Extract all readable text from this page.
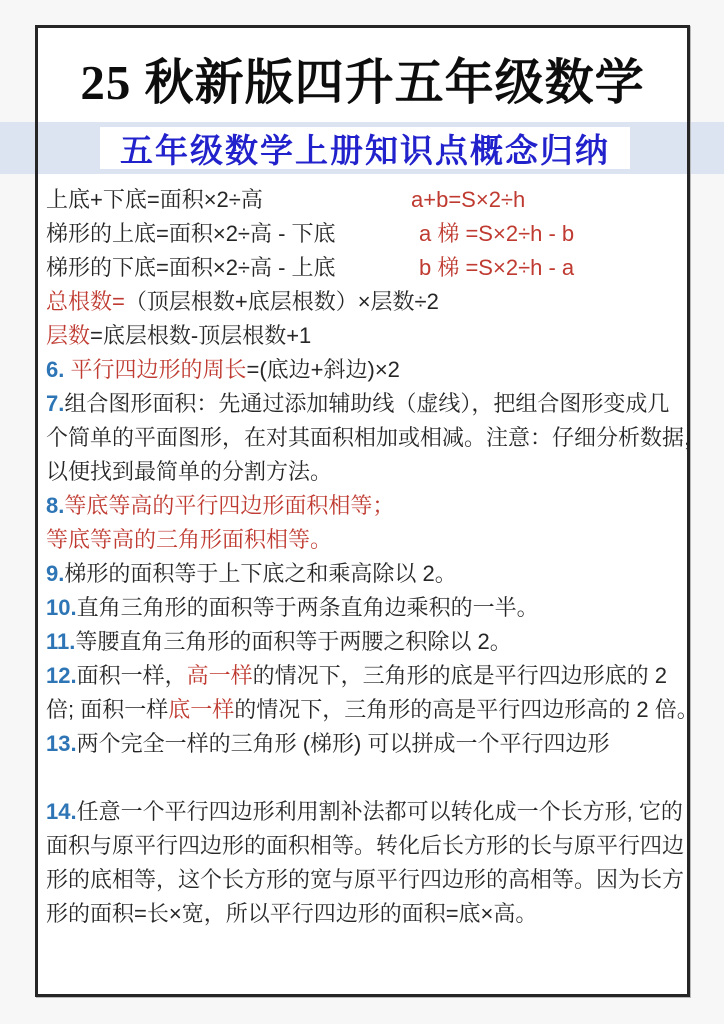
五年级数学上册知识点概念归纳
25 秋新版四升五年级数学
上底+下底=面积×2÷高	a+b=S×2÷h
梯形的上底=面积×2÷高 - 下底	a 梯 =S×2÷h - b
梯形的下底=面积×2÷高 - 上底	b 梯 =S×2÷h - a
总根数=（顶层根数+底层根数）×层数÷2
层数=底层根数-顶层根数+1
6. 平行四边形的周长=(底边+斜边)×2
7.组合图形面积：先通过添加辅助线（虚线），把组合图形变成几
个简单的平面图形，在对其面积相加或相减。注意：仔细分析数据，
以便找到最简单的分割方法。
8.等底等高的平行四边形面积相等；
等底等高的三角形面积相等。
9.梯形的面积等于上下底之和乘高除以 2。
10.直角三角形的面积等于两条直角边乘积的一半。
11.等腰直角三角形的面积等于两腰之积除以 2。
12.面积一样，高一样的情况下，三角形的底是平行四边形底的 2
倍; 面积一样底一样的情况下，三角形的高是平行四边形高的 2 倍。
13.两个完全一样的三角形 (梯形) 可以拼成一个平行四边形
14.任意一个平行四边形利用割补法都可以转化成一个长方形, 它的
面积与原平行四边形的面积相等。转化后长方形的长与原平行四边
形的底相等，这个长方形的宽与原平行四边形的高相等。因为长方
形的面积=长×宽，所以平行四边形的面积=底×高。
